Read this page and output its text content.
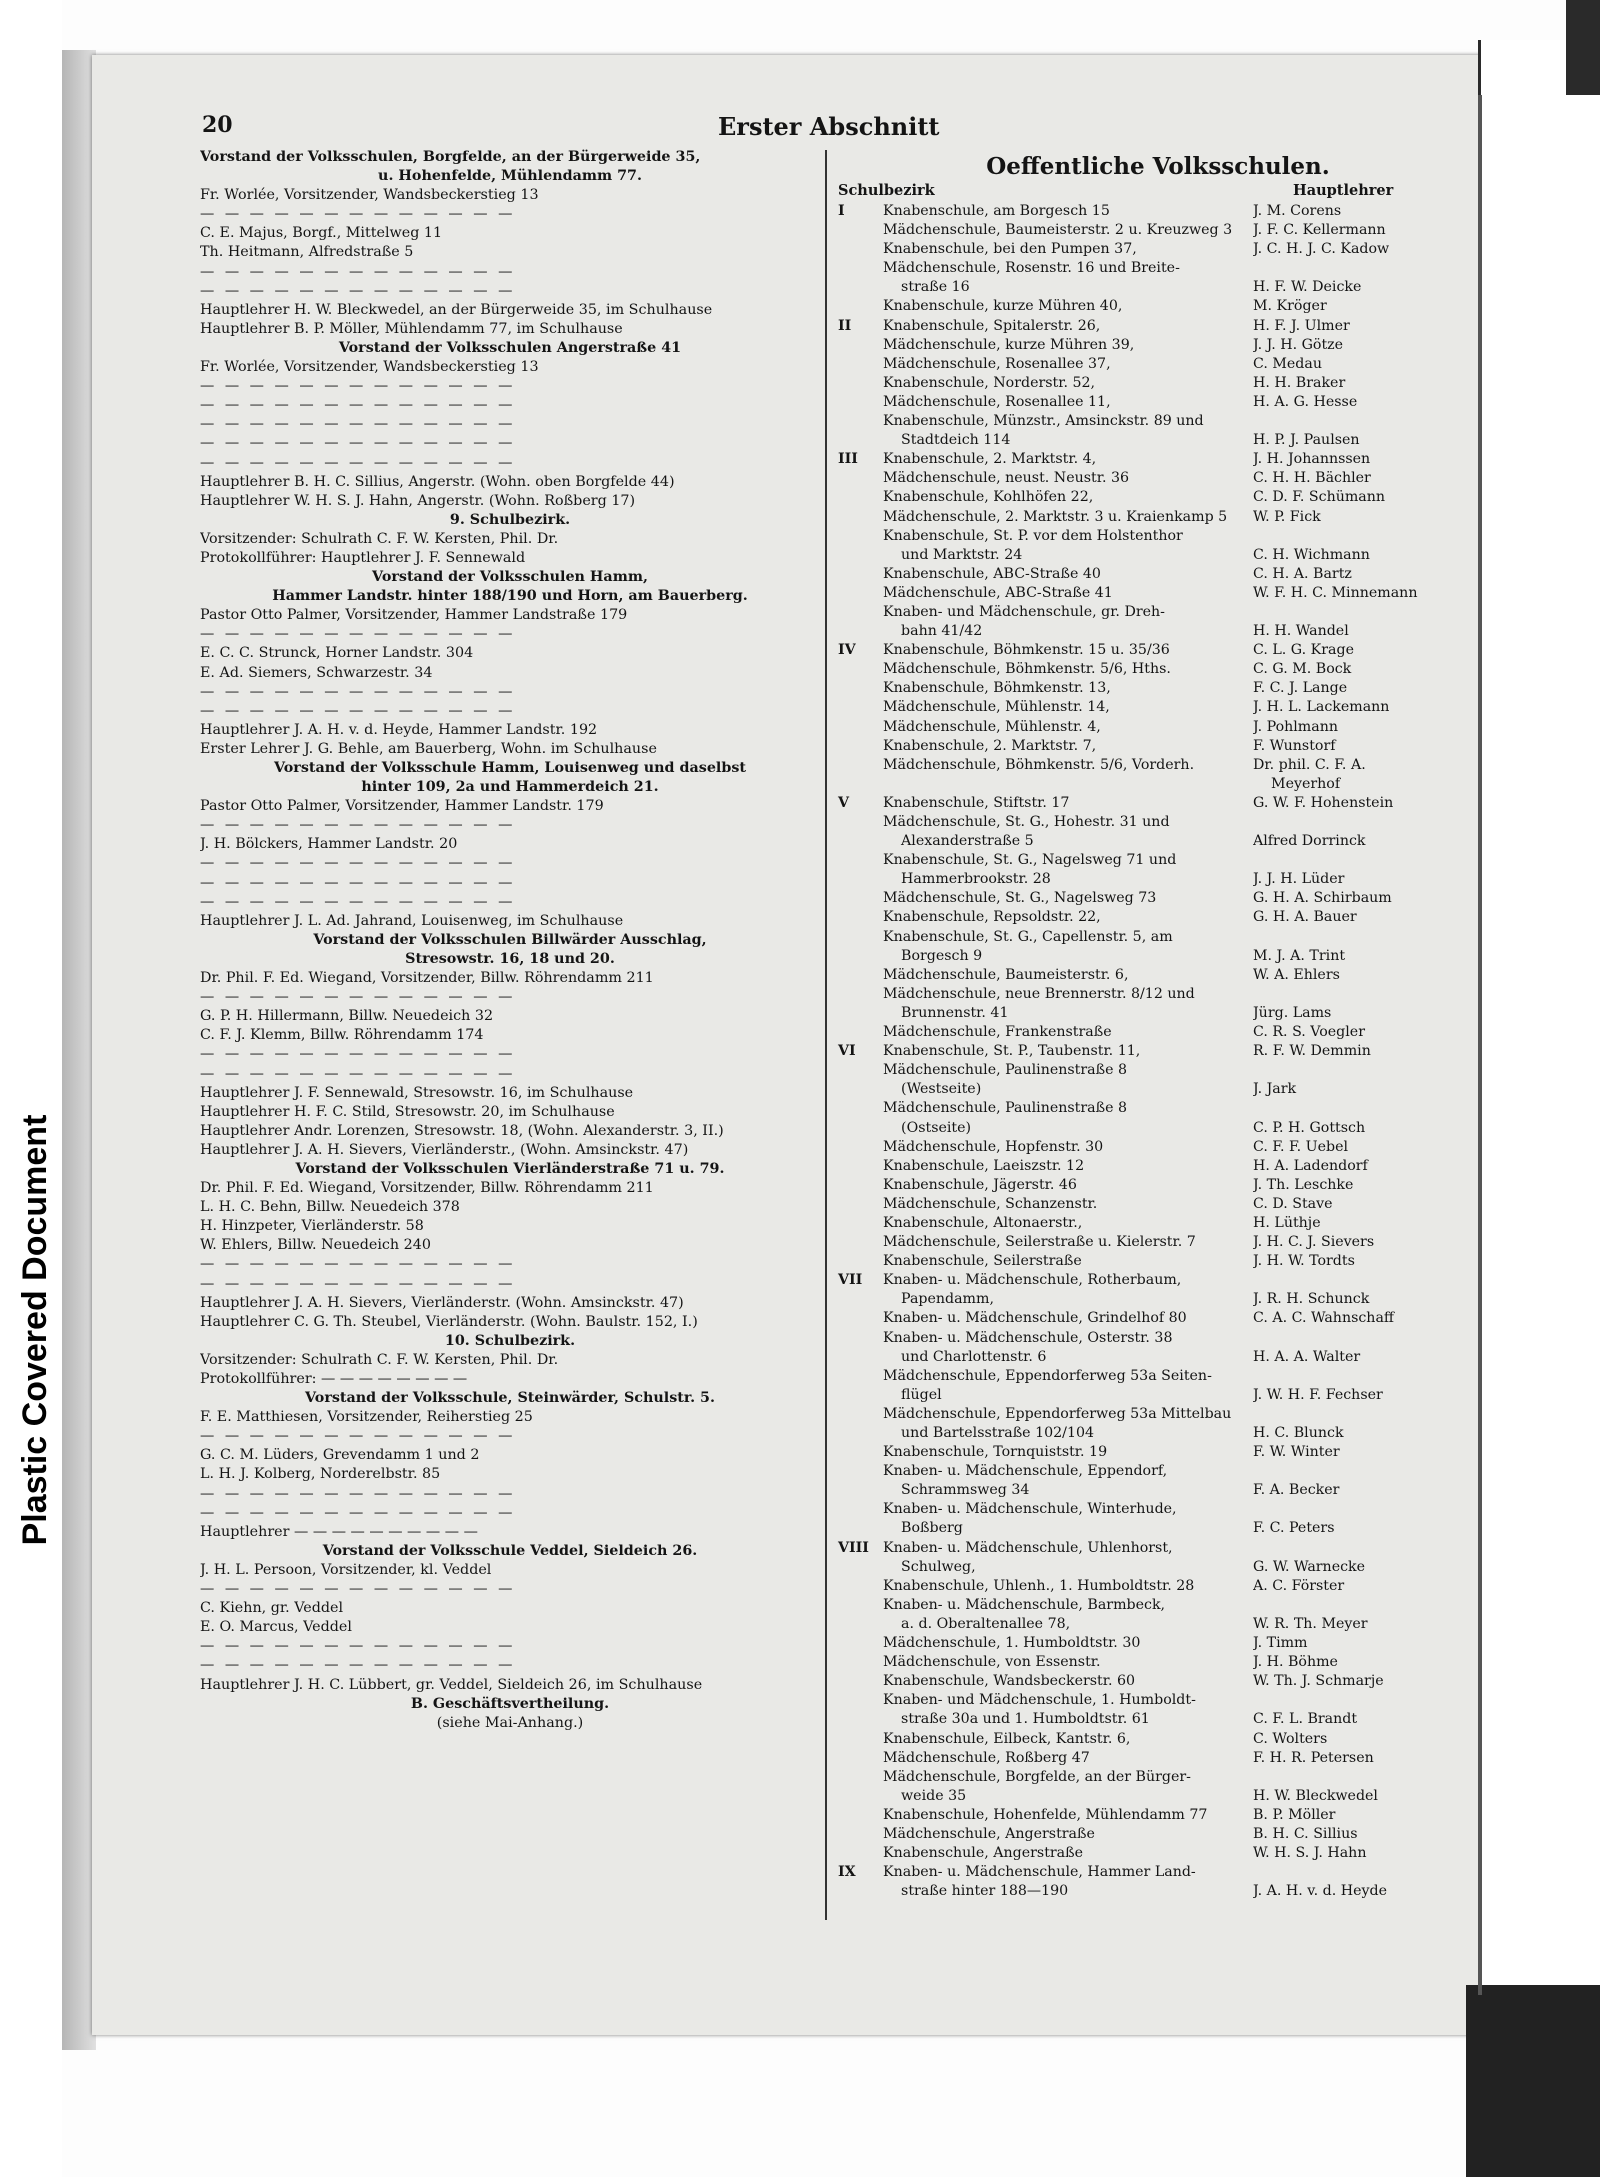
Plastic Covered Document
20	Erster Abschnitt
Vorstand der Volksschulen, Borgfelde, an der Bürgerweide 35,
u. Hohenfelde, Mühlendamm 77.
Fr. Worlée, Vorsitzender, Wandsbeckerstieg 13
— — — — — — — — — — — — —
C. E. Majus, Borgf., Mittelweg 11
Th. Heitmann, Alfredstraße 5
— — — — — — — — — — — — —
— — — — — — — — — — — — —
Hauptlehrer H. W. Bleckwedel, an der Bürgerweide 35, im Schulhause
Hauptlehrer B. P. Möller, Mühlendamm 77, im Schulhause
Vorstand der Volksschulen Angerstraße 41
Fr. Worlée, Vorsitzender, Wandsbeckerstieg 13
— — — — — — — — — — — — —
— — — — — — — — — — — — —
— — — — — — — — — — — — —
— — — — — — — — — — — — —
— — — — — — — — — — — — —
Hauptlehrer B. H. C. Sillius, Angerstr. (Wohn. oben Borgfelde 44)
Hauptlehrer W. H. S. J. Hahn, Angerstr. (Wohn. Roßberg 17)
9. Schulbezirk.
Vorsitzender: Schulrath C. F. W. Kersten, Phil. Dr.
Protokollführer: Hauptlehrer J. F. Sennewald
Vorstand der Volksschulen Hamm,
Hammer Landstr. hinter 188/190 und Horn, am Bauerberg.
Pastor Otto Palmer, Vorsitzender, Hammer Landstraße 179
— — — — — — — — — — — — —
E. C. C. Strunck, Horner Landstr. 304
E. Ad. Siemers, Schwarzestr. 34
— — — — — — — — — — — — —
— — — — — — — — — — — — —
Hauptlehrer J. A. H. v. d. Heyde, Hammer Landstr. 192
Erster Lehrer J. G. Behle, am Bauerberg, Wohn. im Schulhause
Vorstand der Volksschule Hamm, Louisenweg und daselbst
hinter 109, 2a und Hammerdeich 21.
Pastor Otto Palmer, Vorsitzender, Hammer Landstr. 179
— — — — — — — — — — — — —
J. H. Bölckers, Hammer Landstr. 20
— — — — — — — — — — — — —
— — — — — — — — — — — — —
— — — — — — — — — — — — —
Hauptlehrer J. L. Ad. Jahrand, Louisenweg, im Schulhause
Vorstand der Volksschulen Billwärder Ausschlag,
Stresowstr. 16, 18 und 20.
Dr. Phil. F. Ed. Wiegand, Vorsitzender, Billw. Röhrendamm 211
— — — — — — — — — — — — —
G. P. H. Hillermann, Billw. Neuedeich 32
C. F. J. Klemm, Billw. Röhrendamm 174
— — — — — — — — — — — — —
— — — — — — — — — — — — —
Hauptlehrer J. F. Sennewald, Stresowstr. 16, im Schulhause
Hauptlehrer H. F. C. Stild, Stresowstr. 20, im Schulhause
Hauptlehrer Andr. Lorenzen, Stresowstr. 18, (Wohn. Alexanderstr. 3, II.)
Hauptlehrer J. A. H. Sievers, Vierländerstr., (Wohn. Amsinckstr. 47)
Vorstand der Volksschulen Vierländerstraße 71 u. 79.
Dr. Phil. F. Ed. Wiegand, Vorsitzender, Billw. Röhrendamm 211
L. H. C. Behn, Billw. Neuedeich 378
H. Hinzpeter, Vierländerstr. 58
W. Ehlers, Billw. Neuedeich 240
— — — — — — — — — — — — —
— — — — — — — — — — — — —
Hauptlehrer J. A. H. Sievers, Vierländerstr. (Wohn. Amsinckstr. 47)
Hauptlehrer C. G. Th. Steubel, Vierländerstr. (Wohn. Baulstr. 152, I.)
10. Schulbezirk.
Vorsitzender: Schulrath C. F. W. Kersten, Phil. Dr.
Protokollführer: — — — — — — — —
Vorstand der Volksschule, Steinwärder, Schulstr. 5.
F. E. Matthiesen, Vorsitzender, Reiherstieg 25
— — — — — — — — — — — — —
G. C. M. Lüders, Grevendamm 1 und 2
L. H. J. Kolberg, Norderelbstr. 85
— — — — — — — — — — — — —
— — — — — — — — — — — — —
Hauptlehrer — — — — — — — — — —
Vorstand der Volksschule Veddel, Sieldeich 26.
J. H. L. Persoon, Vorsitzender, kl. Veddel
— — — — — — — — — — — — —
C. Kiehn, gr. Veddel
E. O. Marcus, Veddel
— — — — — — — — — — — — —
— — — — — — — — — — — — —
Hauptlehrer J. H. C. Lübbert, gr. Veddel, Sieldeich 26, im Schulhause
B. Geschäftsvertheilung.
(siehe Mai-Anhang.)
Oeffentliche Volksschulen.
Schulbezirk	Hauptlehrer
I	Knabenschule, am Borgesch 15	J. M. Corens
Mädchenschule, Baumeisterstr. 2 u. Kreuzweg 3	J. F. C. Kellermann
Knabenschule, bei den Pumpen 37,	J. C. H. J. C. Kadow
Mädchenschule, Rosenstr. 16 und Breite-
straße 16	H. F. W. Deicke
Knabenschule, kurze Mühren 40,	M. Kröger
II	Knabenschule, Spitalerstr. 26,	H. F. J. Ulmer
Mädchenschule, kurze Mühren 39,	J. J. H. Götze
Mädchenschule, Rosenallee 37,	C. Medau
Knabenschule, Norderstr. 52,	H. H. Braker
Mädchenschule, Rosenallee 11,	H. A. G. Hesse
Knabenschule, Münzstr., Amsinckstr. 89 und
Stadtdeich 114	H. P. J. Paulsen
III	Knabenschule, 2. Marktstr. 4,	J. H. Johannssen
Mädchenschule, neust. Neustr. 36	C. H. H. Bächler
Knabenschule, Kohlhöfen 22,	C. D. F. Schümann
Mädchenschule, 2. Marktstr. 3 u. Kraienkamp 5	W. P. Fick
Knabenschule, St. P. vor dem Holstenthor
und Marktstr. 24	C. H. Wichmann
Knabenschule, ABC-Straße 40	C. H. A. Bartz
Mädchenschule, ABC-Straße 41	W. F. H. C. Minnemann
Knaben- und Mädchenschule, gr. Dreh-
bahn 41/42	H. H. Wandel
IV	Knabenschule, Böhmkenstr. 15 u. 35/36	C. L. G. Krage
Mädchenschule, Böhmkenstr. 5/6, Hths.	C. G. M. Bock
Knabenschule, Böhmkenstr. 13,	F. C. J. Lange
Mädchenschule, Mühlenstr. 14,	J. H. L. Lackemann
Mädchenschule, Mühlenstr. 4,	J. Pohlmann
Knabenschule, 2. Marktstr. 7,	F. Wunstorf
Mädchenschule, Böhmkenstr. 5/6, Vorderh.	Dr. phil. C. F. A.
Meyerhof
V	Knabenschule, Stiftstr. 17	G. W. F. Hohenstein
Mädchenschule, St. G., Hohestr. 31 und
Alexanderstraße 5	Alfred Dorrinck
Knabenschule, St. G., Nagelsweg 71 und
Hammerbrookstr. 28	J. J. H. Lüder
Mädchenschule, St. G., Nagelsweg 73	G. H. A. Schirbaum
Knabenschule, Repsoldstr. 22,	G. H. A. Bauer
Knabenschule, St. G., Capellenstr. 5, am
Borgesch 9	M. J. A. Trint
Mädchenschule, Baumeisterstr. 6,	W. A. Ehlers
Mädchenschule, neue Brennerstr. 8/12 und
Brunnenstr. 41	Jürg. Lams
Mädchenschule, Frankenstraße	C. R. S. Voegler
VI	Knabenschule, St. P., Taubenstr. 11,	R. F. W. Demmin
Mädchenschule, Paulinenstraße 8
(Westseite)	J. Jark
Mädchenschule, Paulinenstraße 8
(Ostseite)	C. P. H. Gottsch
Mädchenschule, Hopfenstr. 30	C. F. F. Uebel
Knabenschule, Laeiszstr. 12	H. A. Ladendorf
Knabenschule, Jägerstr. 46	J. Th. Leschke
Mädchenschule, Schanzenstr.	C. D. Stave
Knabenschule, Altonaerstr.,	H. Lüthje
Mädchenschule, Seilerstraße u. Kielerstr. 7	J. H. C. J. Sievers
Knabenschule, Seilerstraße	J. H. W. Tordts
VII	Knaben- u. Mädchenschule, Rotherbaum,
Papendamm,	J. R. H. Schunck
Knaben- u. Mädchenschule, Grindelhof 80	C. A. C. Wahnschaff
Knaben- u. Mädchenschule, Osterstr. 38
und Charlottenstr. 6	H. A. A. Walter
Mädchenschule, Eppendorferweg 53a Seiten-
flügel	J. W. H. F. Fechser
Mädchenschule, Eppendorferweg 53a Mittelbau
und Bartelsstraße 102/104	H. C. Blunck
Knabenschule, Tornquiststr. 19	F. W. Winter
Knaben- u. Mädchenschule, Eppendorf,
Schrammsweg 34	F. A. Becker
Knaben- u. Mädchenschule, Winterhude,
Boßberg	F. C. Peters
VIII Knaben- u. Mädchenschule, Uhlenhorst,
Schulweg,	G. W. Warnecke
Knabenschule, Uhlenh., 1. Humboldtstr. 28	A. C. Förster
Knaben- u. Mädchenschule, Barmbeck,
a. d. Oberaltenallee 78,	W. R. Th. Meyer
Mädchenschule, 1. Humboldtstr. 30	J. Timm
Mädchenschule, von Essenstr.	J. H. Böhme
Knabenschule, Wandsbeckerstr. 60	W. Th. J. Schmarje
Knaben- und Mädchenschule, 1. Humboldt-
straße 30a und 1. Humboldtstr. 61	C. F. L. Brandt
Knabenschule, Eilbeck, Kantstr. 6,	C. Wolters
Mädchenschule, Roßberg 47	F. H. R. Petersen
Mädchenschule, Borgfelde, an der Bürger-
weide 35	H. W. Bleckwedel
Knabenschule, Hohenfelde, Mühlendamm 77	B. P. Möller
Mädchenschule, Angerstraße	B. H. C. Sillius
Knabenschule, Angerstraße	W. H. S. J. Hahn
IX	Knaben- u. Mädchenschule, Hammer Land-
straße hinter 188—190	J. A. H. v. d. Heyde
